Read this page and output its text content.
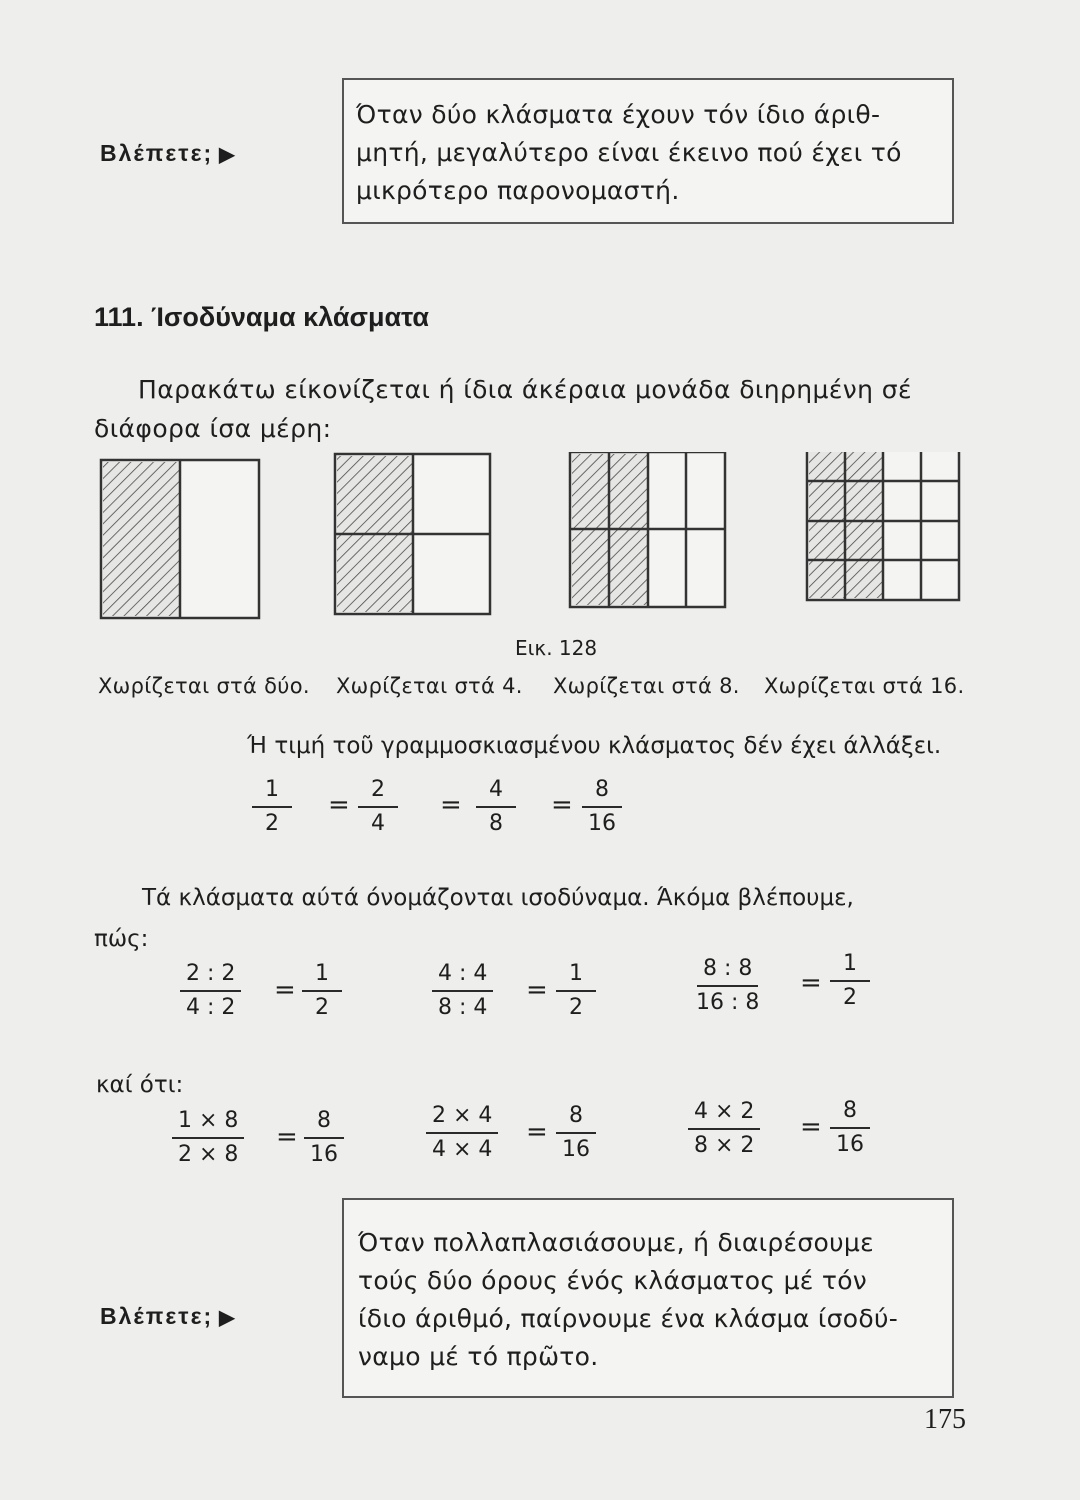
Βλέπετε; ▶
Όταν δύο κλάσματα έχουν τόν ίδιο άριθ-
μητή, μεγαλύτερο είναι έκεινο πού έχει τό
μικρότερο παρονομαστή.
111. Ίσοδύναμα κλάσματα
Παρακάτω είκονίζεται ή ίδια άκέραια μονάδα διηρημένη σέ
διάφορα ίσα μέρη:
Εικ. 128
Χωρίζεται στά δύο. Χωρίζεται στά 4. Χωρίζεται στά 8. Χωρίζεται στά 16.
Ή τιμή τοῦ γραμμοσκιασμένου κλάσματος δέν έχει άλλάξει.
$\frac{1}{2} = \frac{2}{4} = \frac{4}{8} = \frac{8}{16}$
Τά κλάσματα αύτά όνομάζονται ισοδύναμα. Άκόμα βλέπουμε,
πώς:
$\frac{2 : 2}{4 : 2} = \frac{1}{2}$	$\frac{4 : 4}{8 : 4} = \frac{1}{2}$	$\frac{8 : 8}{16 : 8} = \frac{1}{2}$
καί ότι:
$\frac{1 \times 8}{2 \times 8} = \frac{8}{16}$	$\frac{2 \times 4}{4 \times 4} = \frac{8}{16}$	$\frac{4 \times 2}{8 \times 2} = \frac{8}{16}$
Βλέπετε; ▶
Όταν πολλαπλασιάσουμε, ή διαιρέσουμε
τούς δύο όρους ένός κλάσματος μέ τόν
ίδιο άριθμό, παίρνουμε ένα κλάσμα ίσοδύ-
ναμο μέ τό πρῶτο.
175
